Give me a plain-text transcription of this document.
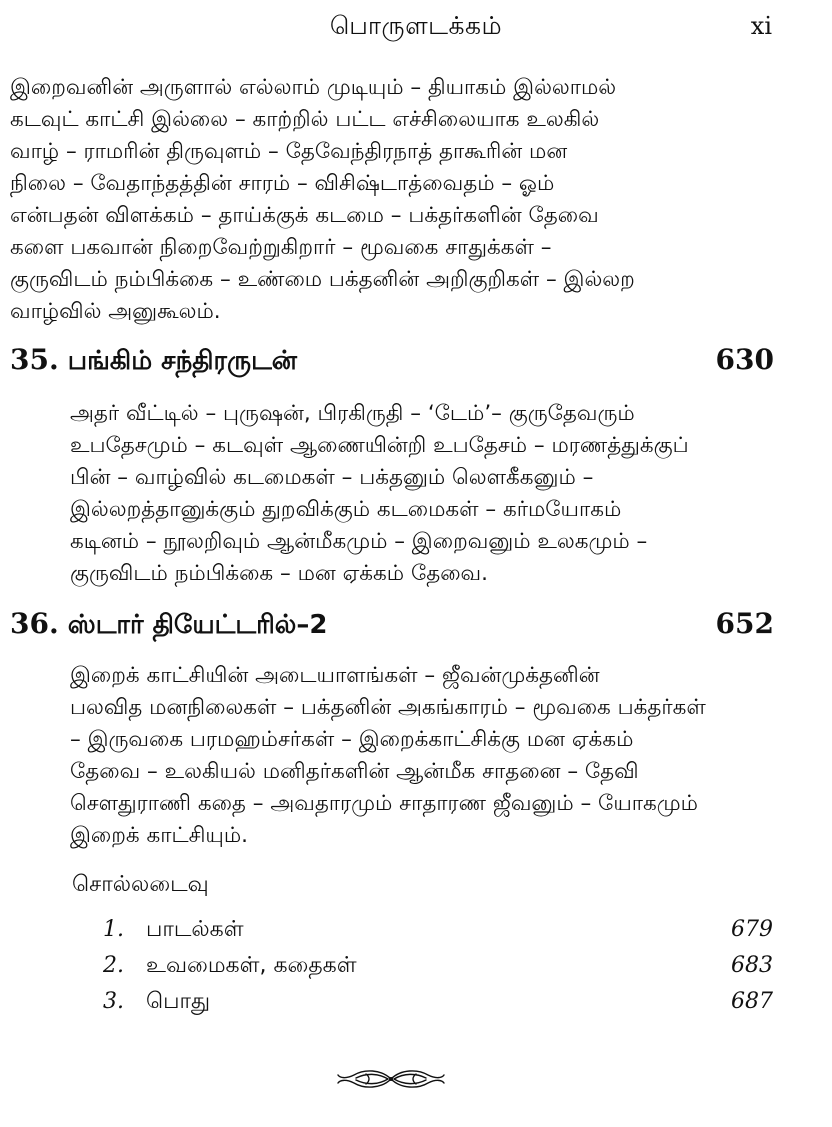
பொருளடக்கம்	xi

இறைவனின் அருளால் எல்லாம் முடியும் – தியாகம் இல்லாமல்
கடவுட் காட்சி இல்லை – காற்றில் பட்ட எச்சிலையாக உலகில்
வாழ் – ராமரின் திருவுளம் – தேவேந்திரநாத் தாகூரின் மன
நிலை – வேதாந்தத்தின் சாரம் – விசிஷ்டாத்வைதம் – ஓம்
என்பதன் விளக்கம் – தாய்க்குக் கடமை – பக்தர்களின் தேவை
களை பகவான் நிறைவேற்றுகிறார் – மூவகை சாதுக்கள் –
குருவிடம் நம்பிக்கை – உண்மை பக்தனின் அறிகுறிகள் – இல்லற
வாழ்வில் அனுகூலம்.

35. பங்கிம் சந்திரருடன்	630

அதர் வீட்டில் – புருஷன், பிரகிருதி – ‘டேம்’– குருதேவரும்
உபதேசமும் – கடவுள் ஆணையின்றி உபதேசம் – மரணத்துக்குப்
பின் – வாழ்வில் கடமைகள் – பக்தனும் லௌகீகனும் –
இல்லறத்தானுக்கும் துறவிக்கும் கடமைகள் – கர்மயோகம்
கடினம் – நூலறிவும் ஆன்மீகமும் – இறைவனும் உலகமும் –
குருவிடம் நம்பிக்கை – மன ஏக்கம் தேவை.

36. ஸ்டார் தியேட்டரில்–2	652

இறைக் காட்சியின் அடையாளங்கள் – ஜீவன்முக்தனின்
பலவித மனநிலைகள் – பக்தனின் அகங்காரம் – மூவகை பக்தர்கள்
– இருவகை பரமஹம்சர்கள் – இறைக்காட்சிக்கு மன ஏக்கம்
தேவை – உலகியல் மனிதர்களின் ஆன்மீக சாதனை – தேவி
சௌதுராணி கதை – அவதாரமும் சாதாரண ஜீவனும் – யோகமும்
இறைக் காட்சியும்.

சொல்லடைவு
1. பாடல்கள்	679
2. உவமைகள், கதைகள்	683
3. பொது	687
